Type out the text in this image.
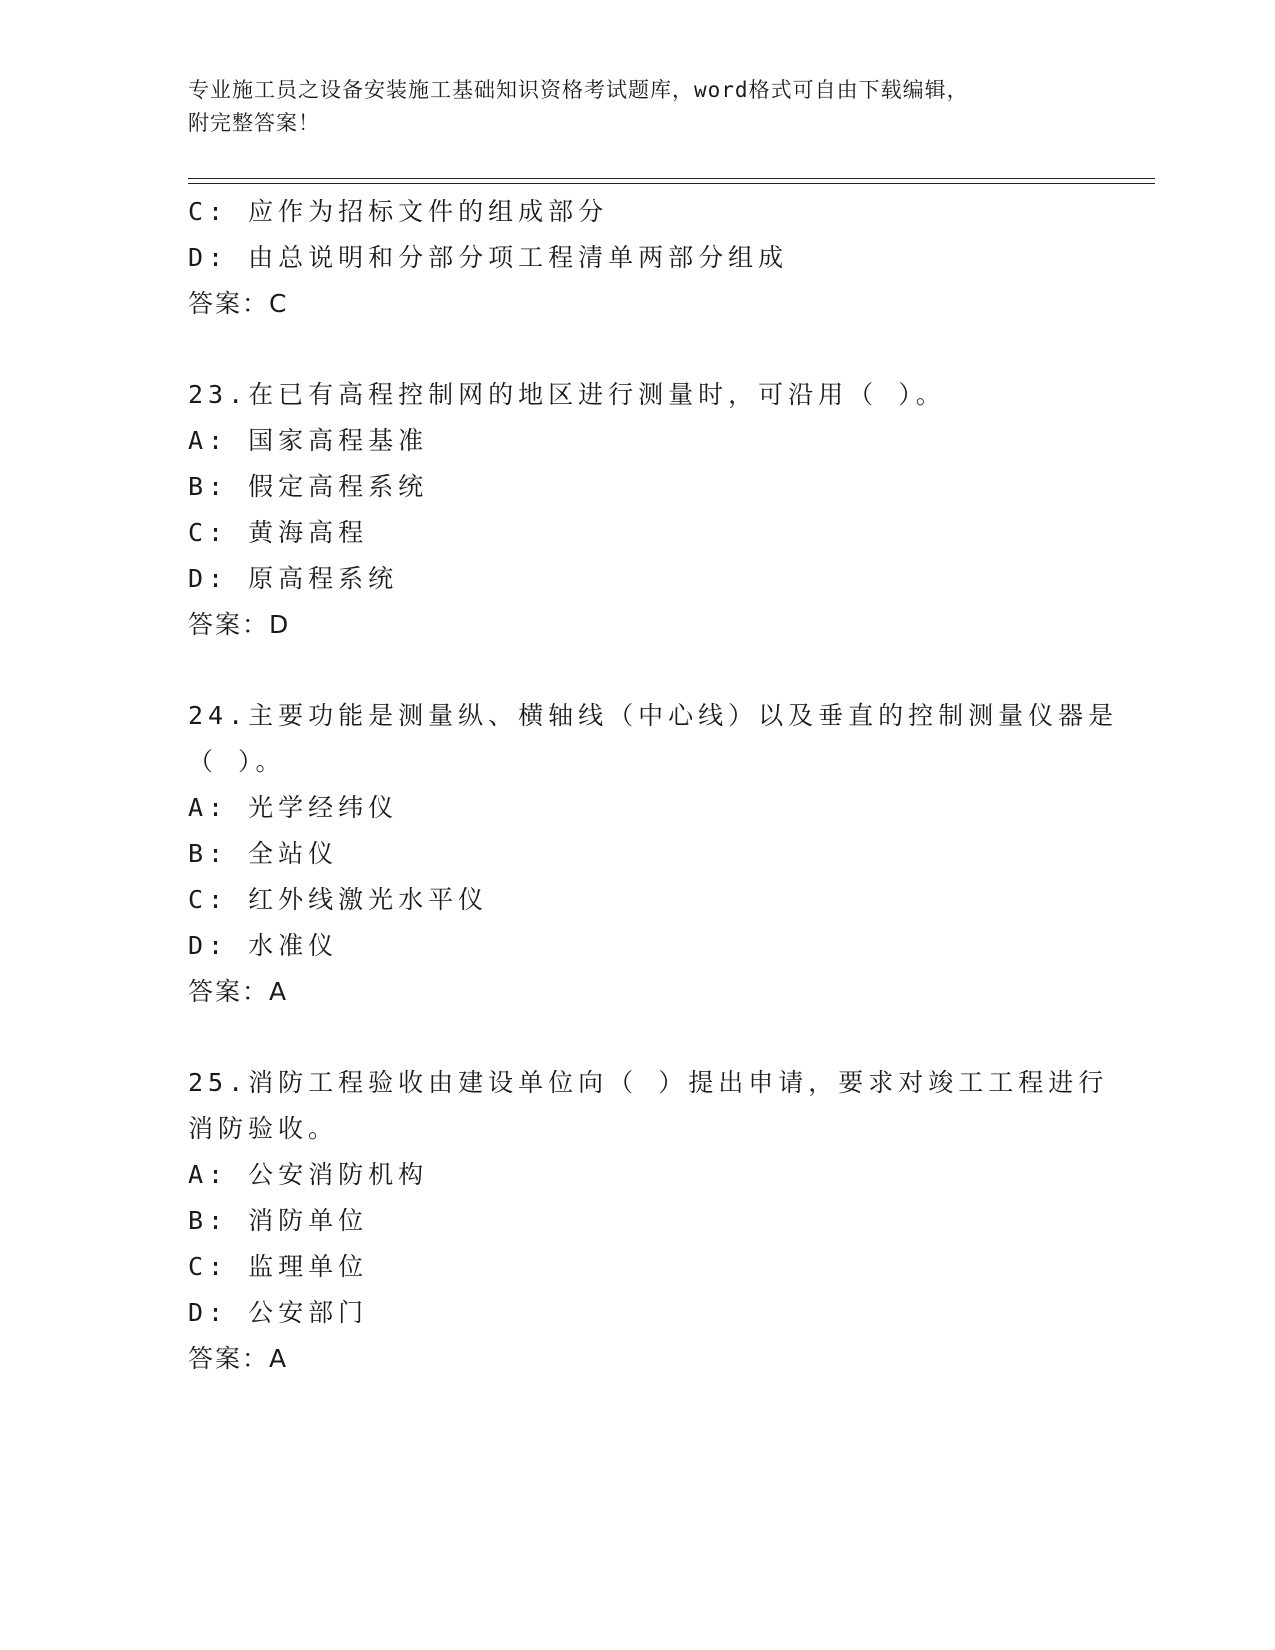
专业施工员之设备安装施工基础知识资格考试题库，word格式可自由下载编辑，
附完整答案！
C: 应作为招标文件的组成部分
D: 由总说明和分部分项工程清单两部分组成
答案：C
23.在已有高程控制网的地区进行测量时，可沿用（ ）。
A: 国家高程基准
B: 假定高程系统
C: 黄海高程
D: 原高程系统
答案：D
24.主要功能是测量纵、横轴线（中心线）以及垂直的控制测量仪器是
（ ）。
A: 光学经纬仪
B: 全站仪
C: 红外线激光水平仪
D: 水准仪
答案：A
25.消防工程验收由建设单位向（ ）提出申请，要求对竣工工程进行
消防验收。
A: 公安消防机构
B: 消防单位
C: 监理单位
D: 公安部门
答案：A
